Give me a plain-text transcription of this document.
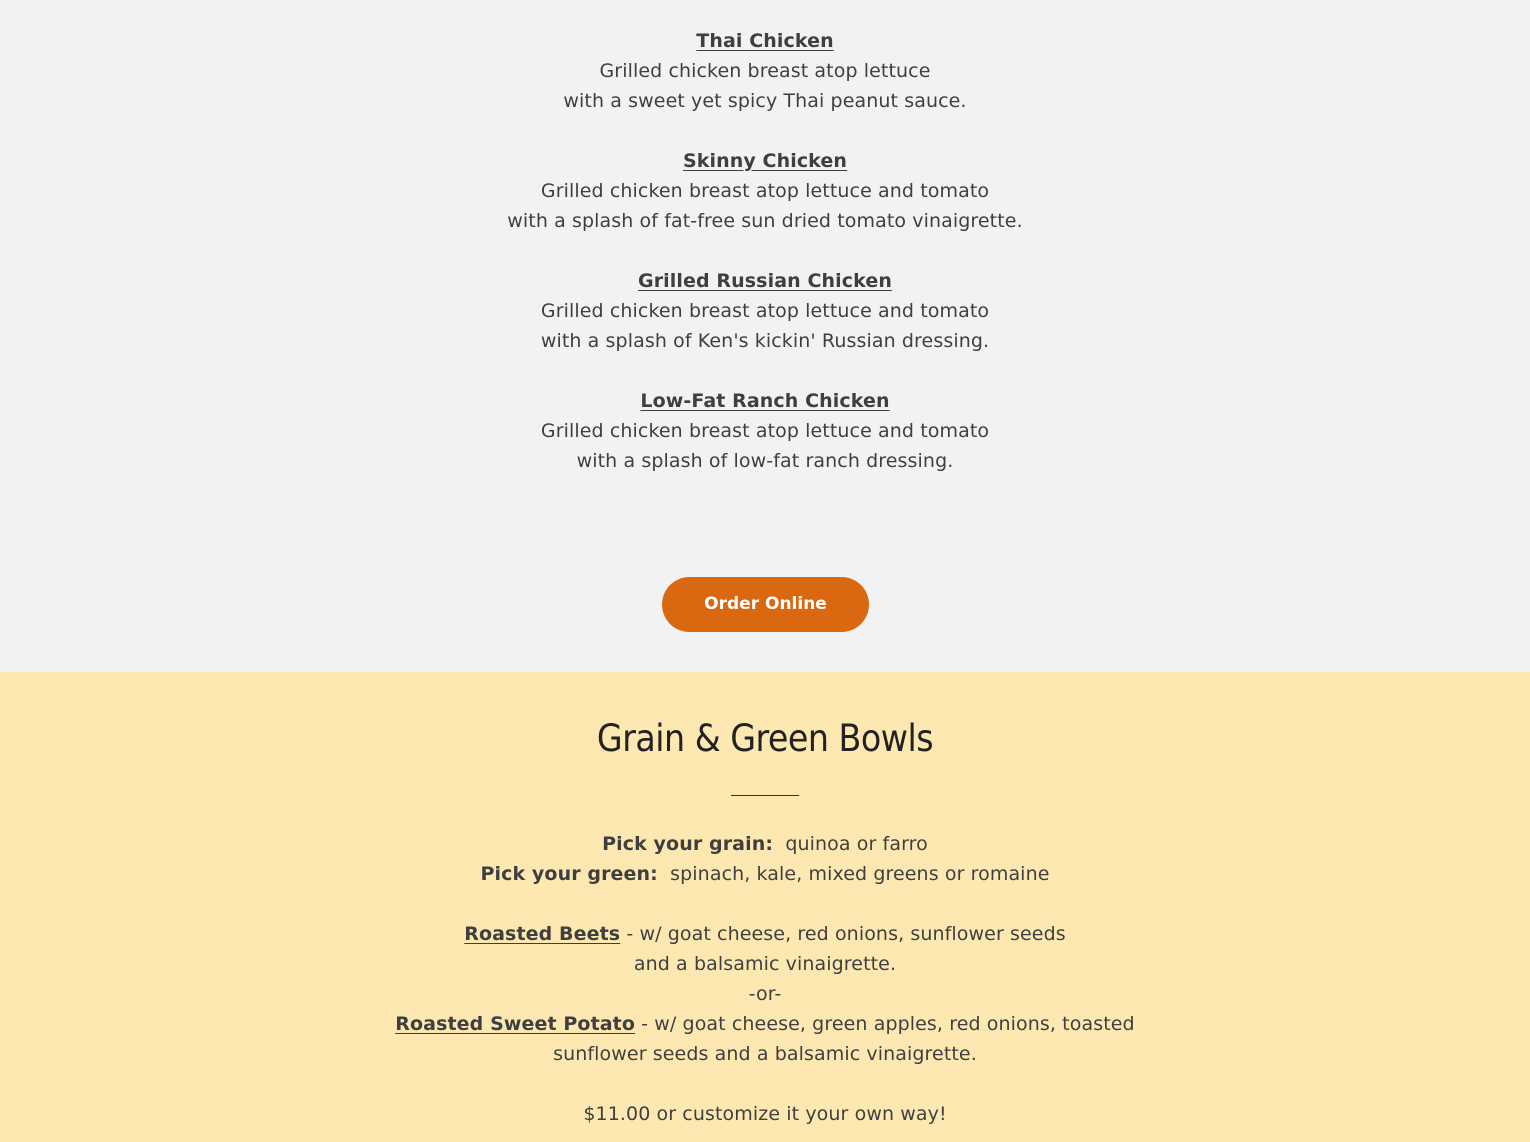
Thai Chicken
Grilled chicken breast atop lettuce
with a sweet yet spicy Thai peanut sauce.
Skinny Chicken
Grilled chicken breast atop lettuce and tomato
with a splash of fat-free sun dried tomato vinaigrette.
Grilled Russian Chicken
Grilled chicken breast atop lettuce and tomato
with a splash of Ken's kickin' Russian dressing.
Low-Fat Ranch Chicken
Grilled chicken breast atop lettuce and tomato
with a splash of low-fat ranch dressing.
Order Online
Grain & Green Bowls
Pick your grain: quinoa or farro
Pick your green: spinach, kale, mixed greens or romaine
Roasted Beets - w/ goat cheese, red onions, sunflower seeds
and a balsamic vinaigrette.
-or-
Roasted Sweet Potato - w/ goat cheese, green apples, red onions, toasted
sunflower seeds and a balsamic vinaigrette.
$11.00 or customize it your own way!
